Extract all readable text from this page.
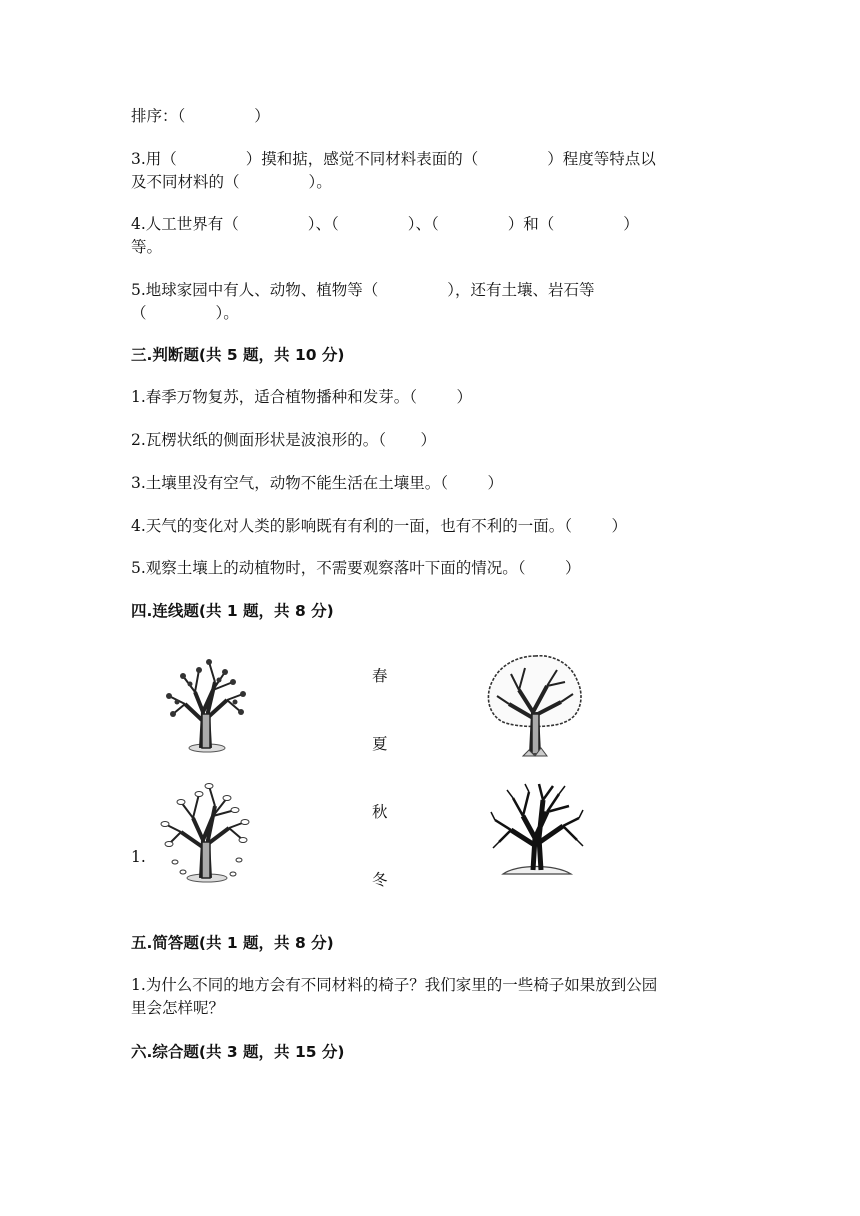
排序：（              ）
3.用（              ）摸和掂，感觉不同材料表面的（              ）程度等特点以
及不同材料的（              ）。
4.人工世界有（              ）、（              ）、（              ）和（              ）
等。
5.地球家园中有人、动物、植物等（              ），还有土壤、岩石等
（              ）。
三.判断题(共 5 题，共 10 分)
1.春季万物复苏，适合植物播种和发芽。（        ）
2.瓦楞状纸的侧面形状是波浪形的。（       ）
3.土壤里没有空气，动物不能生活在土壤里。（        ）
4.天气的变化对人类的影响既有有利的一面，也有不利的一面。（        ）
5.观察土壤上的动植物时，不需要观察落叶下面的情况。（        ）
四.连线题(共 1 题，共 8 分)
春
夏
秋
冬
1.
五.简答题(共 1 题，共 8 分)
1.为什么不同的地方会有不同材料的椅子？我们家里的一些椅子如果放到公园
里会怎样呢？
六.综合题(共 3 题，共 15 分)
